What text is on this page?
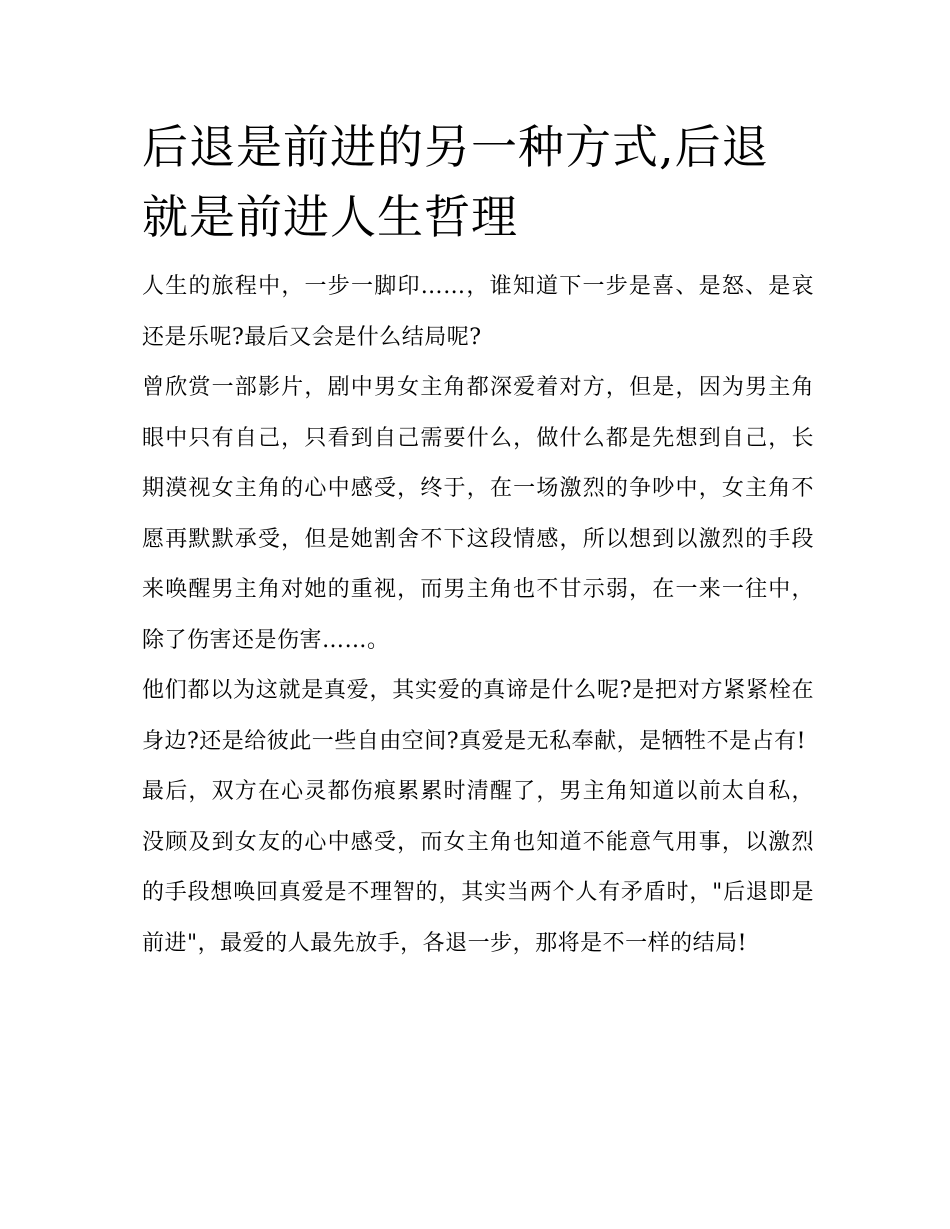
后退是前进的另一种方式,后退就是前进人生哲理

人生的旅程中，一步一脚印……，谁知道下一步是喜、是怒、是哀还是乐呢?最后又会是什么结局呢?

曾欣赏一部影片，剧中男女主角都深爱着对方，但是，因为男主角眼中只有自己，只看到自己需要什么，做什么都是先想到自己，长期漠视女主角的心中感受，终于，在一场激烈的争吵中，女主角不愿再默默承受，但是她割舍不下这段情感，所以想到以激烈的手段来唤醒男主角对她的重视，而男主角也不甘示弱，在一来一往中，除了伤害还是伤害……。

他们都以为这就是真爱，其实爱的真谛是什么呢?是把对方紧紧栓在身边?还是给彼此一些自由空间?真爱是无私奉献，是牺牲不是占有!

最后，双方在心灵都伤痕累累时清醒了，男主角知道以前太自私，没顾及到女友的心中感受，而女主角也知道不能意气用事，以激烈的手段想唤回真爱是不理智的，其实当两个人有矛盾时，"后退即是前进"，最爱的人最先放手，各退一步，那将是不一样的结局!
